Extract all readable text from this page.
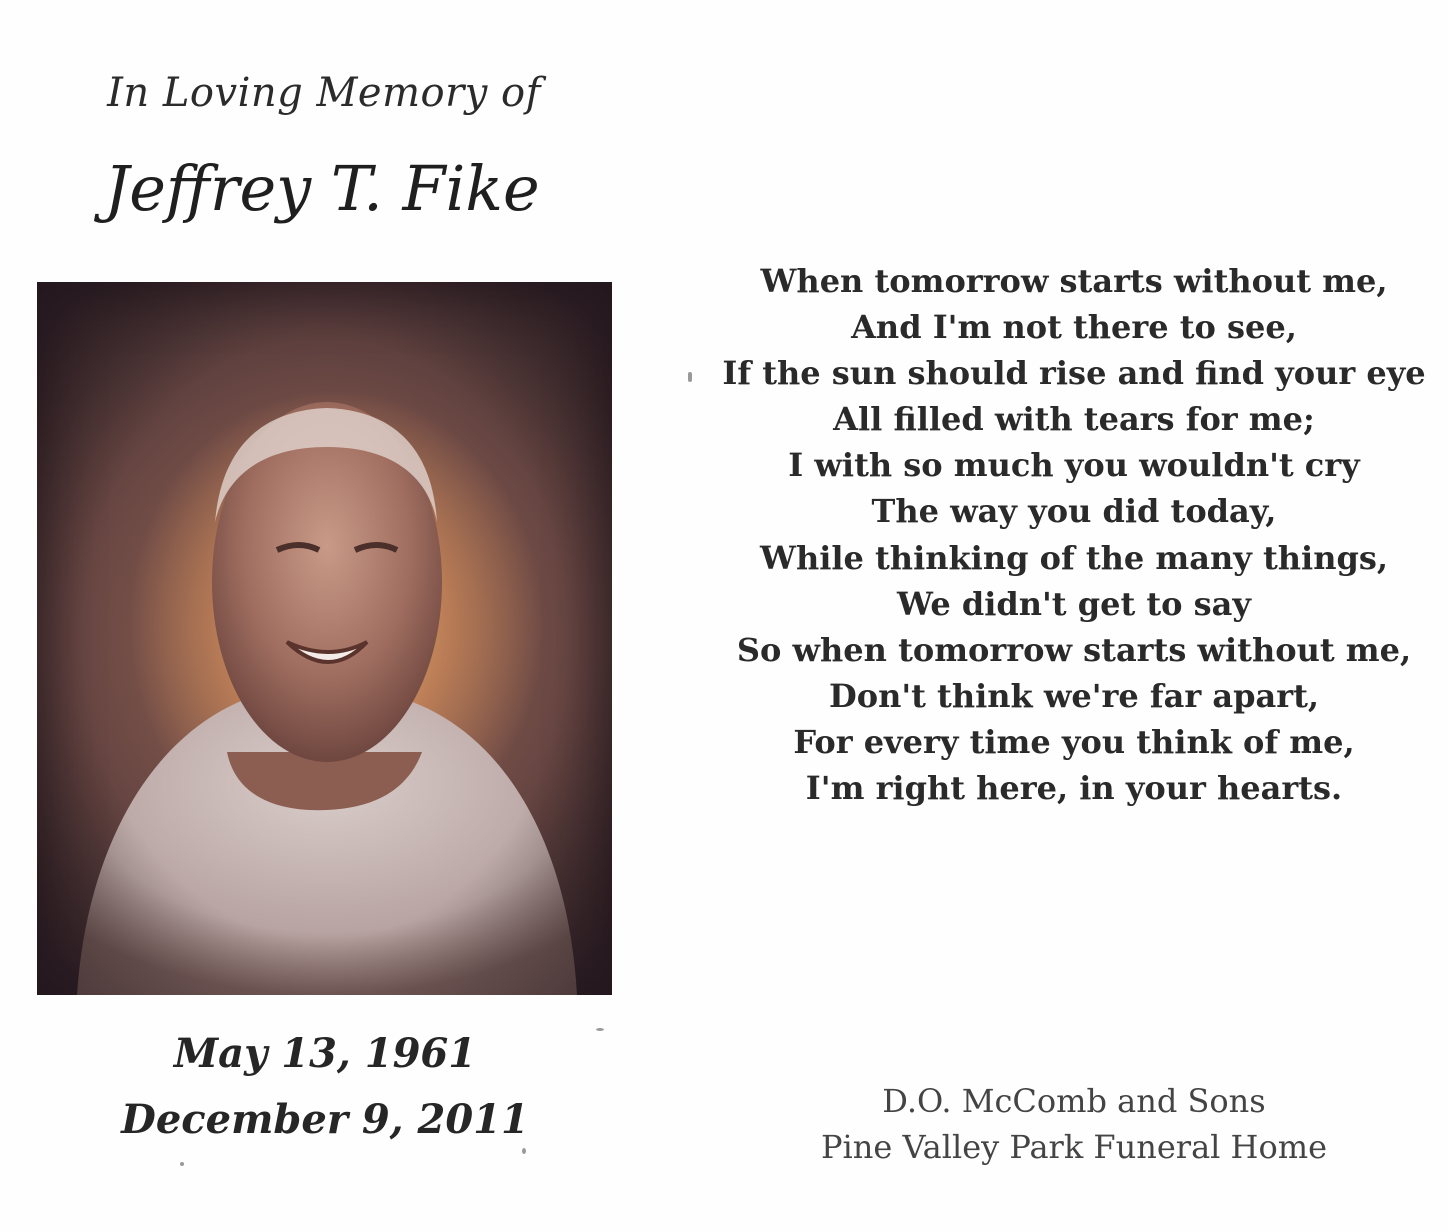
In Loving Memory of
Jeffrey T. Fike
May 13, 1961
December 9, 2011
When tomorrow starts without me,
And I'm not there to see,
If the sun should rise and find your eye
All filled with tears for me;
I with so much you wouldn't cry
The way you did today,
While thinking of the many things,
We didn't get to say
So when tomorrow starts without me,
Don't think we're far apart,
For every time you think of me,
I'm right here, in your hearts.
D.O. McComb and Sons
Pine Valley Park Funeral Home
